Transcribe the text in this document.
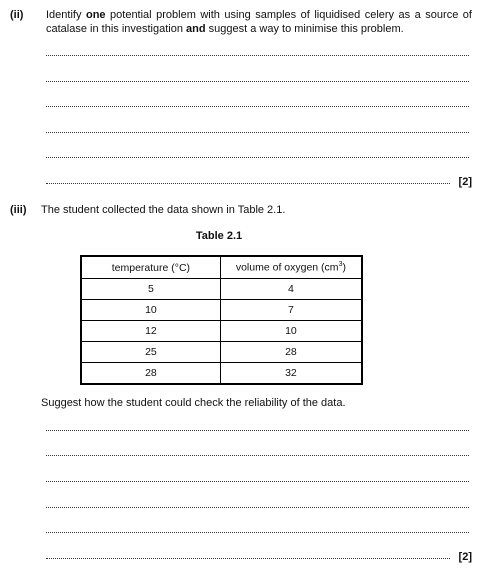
(ii) Identify one potential problem with using samples of liquidised celery as a source of catalase in this investigation and suggest a way to minimise this problem.
[2]
(iii) The student collected the data shown in Table 2.1.
Table 2.1
temperature (°C)	volume of oxygen $(cm^3)$
5	4
10	7
12	10
25	28
28	32
Suggest how the student could check the reliability of the data.
[2]
